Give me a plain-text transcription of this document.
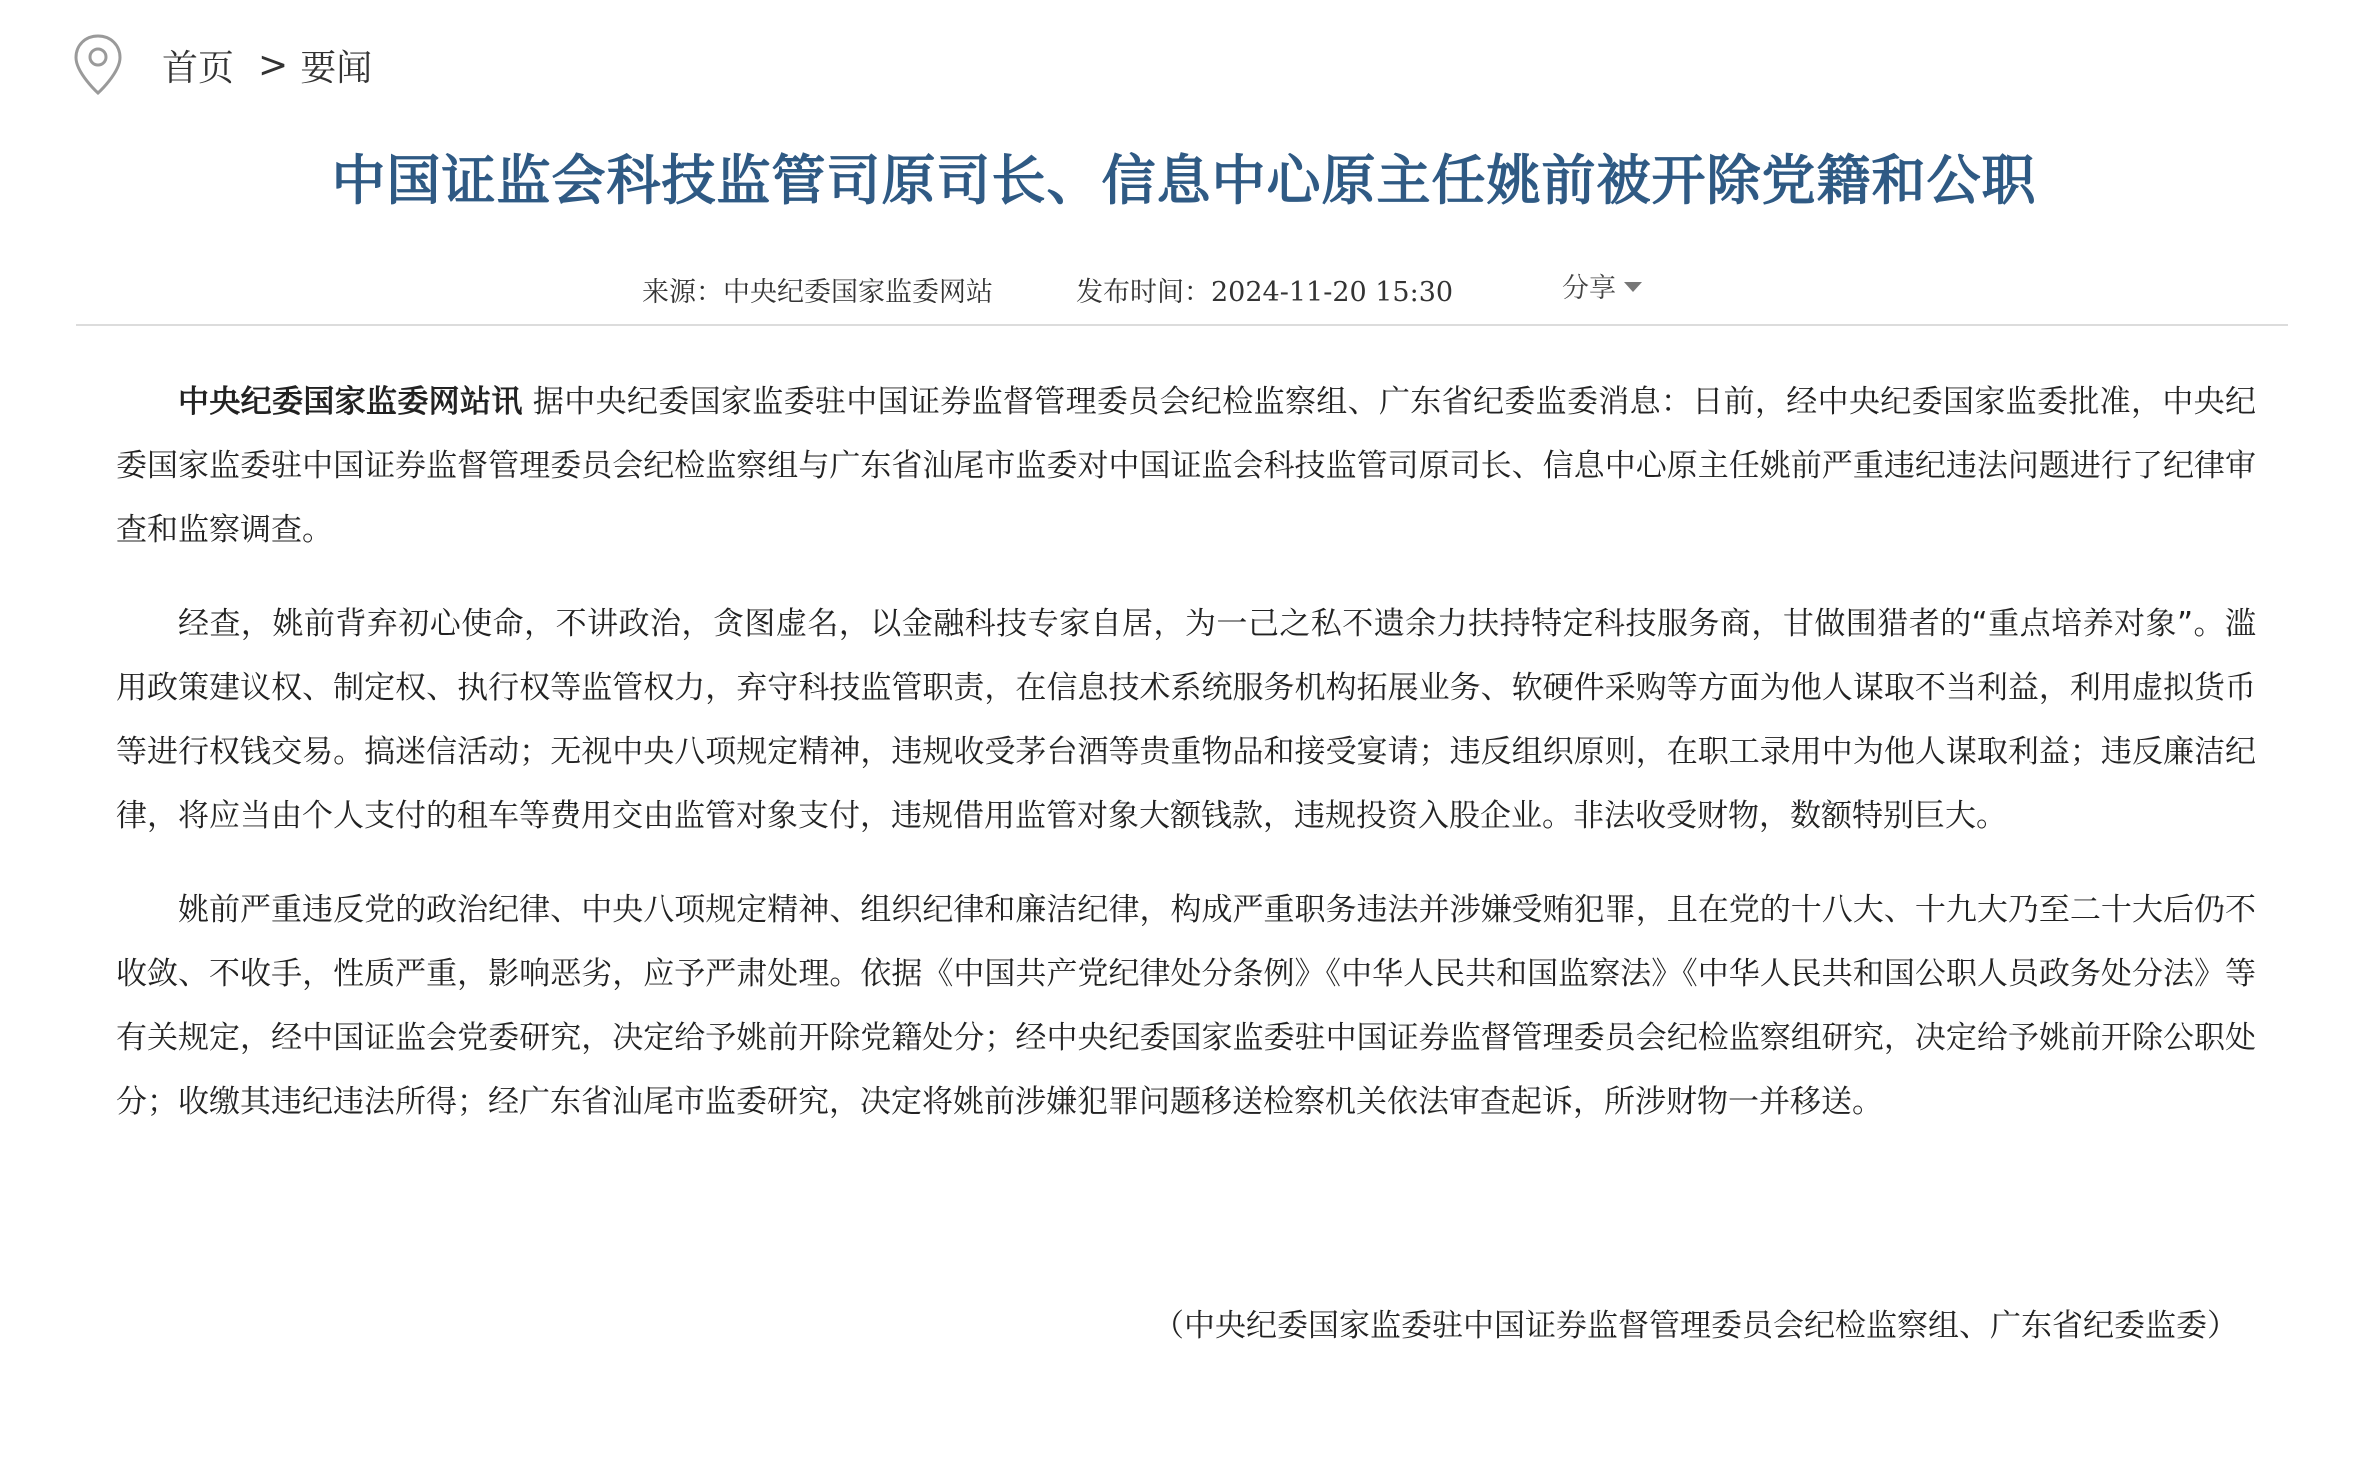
首页 > 要闻
中国证监会科技监管司原司长、信息中心原主任姚前被开除党籍和公职
来源：中央纪委国家监委网站	发布时间：2024-11-20 15:30	分享

中央纪委国家监委网站讯 据中央纪委国家监委驻中国证券监督管理委员会纪检监察组、广东省纪委监委消息：日前，经中央纪委国家监委批准，中央纪委国家监委驻中国证券监督管理委员会纪检监察组与广东省汕尾市监委对中国证监会科技监管司原司长、信息中心原主任姚前严重违纪违法问题进行了纪律审查和监察调查。

经查，姚前背弃初心使命，不讲政治，贪图虚名，以金融科技专家自居，为一己之私不遗余力扶持特定科技服务商，甘做围猎者的“重点培养对象”。滥用政策建议权、制定权、执行权等监管权力，弃守科技监管职责，在信息技术系统服务机构拓展业务、软硬件采购等方面为他人谋取不当利益，利用虚拟货币等进行权钱交易。搞迷信活动；无视中央八项规定精神，违规收受茅台酒等贵重物品和接受宴请；违反组织原则，在职工录用中为他人谋取利益；违反廉洁纪律，将应当由个人支付的租车等费用交由监管对象支付，违规借用监管对象大额钱款，违规投资入股企业。非法收受财物，数额特别巨大。

姚前严重违反党的政治纪律、中央八项规定精神、组织纪律和廉洁纪律，构成严重职务违法并涉嫌受贿犯罪，且在党的十八大、十九大乃至二十大后仍不收敛、不收手，性质严重，影响恶劣，应予严肃处理。依据《中国共产党纪律处分条例》《中华人民共和国监察法》《中华人民共和国公职人员政务处分法》等有关规定，经中国证监会党委研究，决定给予姚前开除党籍处分；经中央纪委国家监委驻中国证券监督管理委员会纪检监察组研究，决定给予姚前开除公职处分；收缴其违纪违法所得；经广东省汕尾市监委研究，决定将姚前涉嫌犯罪问题移送检察机关依法审查起诉，所涉财物一并移送。

（中央纪委国家监委驻中国证券监督管理委员会纪检监察组、广东省纪委监委）
